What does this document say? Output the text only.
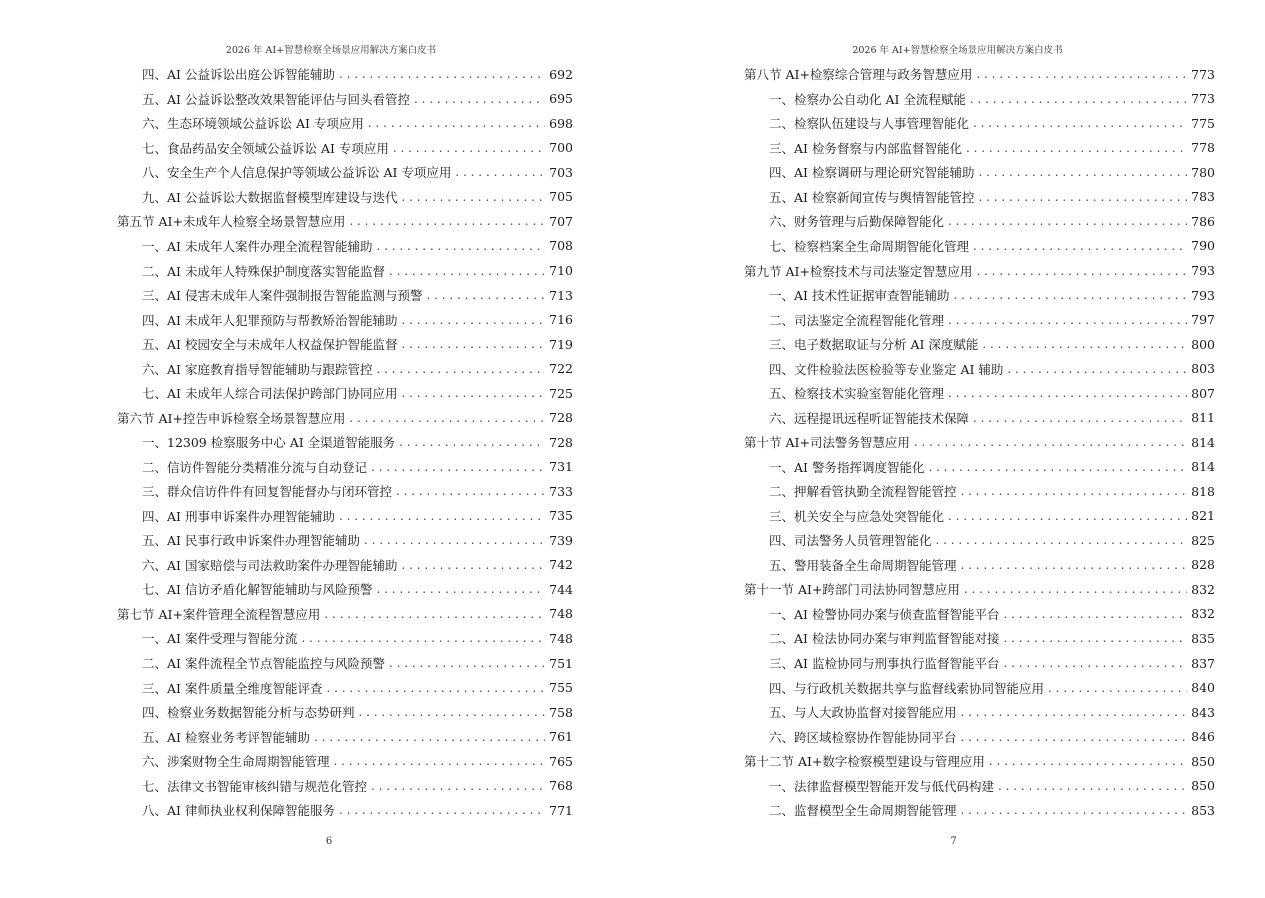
2026 年 AI+智慧检察全场景应用解决方案白皮书
四、AI 公益诉讼出庭公诉智能辅助 . . .	692
五、AI 公益诉讼整改效果智能评估与回头看管控 . . .	695
六、生态环境领域公益诉讼 AI 专项应用 . . .	698
七、食品药品安全领域公益诉讼 AI 专项应用 . . .	700
八、安全生产个人信息保护等领域公益诉讼 AI 专项应用 . . .	703
九、AI 公益诉讼大数据监督模型库建设与迭代 . . .	705
第五节 AI+未成年人检察全场景智慧应用 . . .	707
一、AI 未成年人案件办理全流程智能辅助 . . .	708
二、AI 未成年人特殊保护制度落实智能监督 . . .	710
三、AI 侵害未成年人案件强制报告智能监测与预警 . . .	713
四、AI 未成年人犯罪预防与帮教矫治智能辅助 . . .	716
五、AI 校园安全与未成年人权益保护智能监督 . . .	719
六、AI 家庭教育指导智能辅助与跟踪管控 . . .	722
七、AI 未成年人综合司法保护跨部门协同应用 . . .	725
第六节 AI+控告申诉检察全场景智慧应用 . . .	728
一、12309 检察服务中心 AI 全渠道智能服务 . . .	728
二、信访件智能分类精准分流与自动登记 . . .	731
三、群众信访件件有回复智能督办与闭环管控 . . .	733
四、AI 刑事申诉案件办理智能辅助 . . .	735
五、AI 民事行政申诉案件办理智能辅助 . . .	739
六、AI 国家赔偿与司法救助案件办理智能辅助 . . .	742
七、AI 信访矛盾化解智能辅助与风险预警 . . .	744
第七节 AI+案件管理全流程智慧应用 . . .	748
一、AI 案件受理与智能分流 . . .	748
二、AI 案件流程全节点智能监控与风险预警 . . .	751
三、AI 案件质量全维度智能评查 . . .	755
四、检察业务数据智能分析与态势研判 . . .	758
五、AI 检察业务考评智能辅助 . . .	761
六、涉案财物全生命周期智能管理 . . .	765
七、法律文书智能审核纠错与规范化管控 . . .	768
八、AI 律师执业权利保障智能服务 . . .	771
6
2026 年 AI+智慧检察全场景应用解决方案白皮书
第八节 AI+检察综合管理与政务智慧应用 . . .	773
一、检察办公自动化 AI 全流程赋能 . . .	773
二、检察队伍建设与人事管理智能化 . . .	775
三、AI 检务督察与内部监督智能化 . . .	778
四、AI 检察调研与理论研究智能辅助 . . .	780
五、AI 检察新闻宣传与舆情智能管控 . . .	783
六、财务管理与后勤保障智能化 . . .	786
七、检察档案全生命周期智能化管理 . . .	790
第九节 AI+检察技术与司法鉴定智慧应用 . . .	793
一、AI 技术性证据审查智能辅助 . . .	793
二、司法鉴定全流程智能化管理 . . .	797
三、电子数据取证与分析 AI 深度赋能 . . .	800
四、文件检验法医检验等专业鉴定 AI 辅助 . . .	803
五、检察技术实验室智能化管理 . . .	807
六、远程提讯远程听证智能技术保障 . . .	811
第十节 AI+司法警务智慧应用 . . .	814
一、AI 警务指挥调度智能化 . . .	814
二、押解看管执勤全流程智能管控 . . .	818
三、机关安全与应急处突智能化 . . .	821
四、司法警务人员管理智能化 . . .	825
五、警用装备全生命周期智能管理 . . .	828
第十一节 AI+跨部门司法协同智慧应用 . . .	832
一、AI 检警协同办案与侦查监督智能平台 . . .	832
二、AI 检法协同办案与审判监督智能对接 . . .	835
三、AI 监检协同与刑事执行监督智能平台 . . .	837
四、与行政机关数据共享与监督线索协同智能应用 . . .	840
五、与人大政协监督对接智能应用 . . .	843
六、跨区域检察协作智能协同平台 . . .	846
第十二节 AI+数字检察模型建设与管理应用 . . .	850
一、法律监督模型智能开发与低代码构建 . . .	850
二、监督模型全生命周期智能管理 . . .	853
7
